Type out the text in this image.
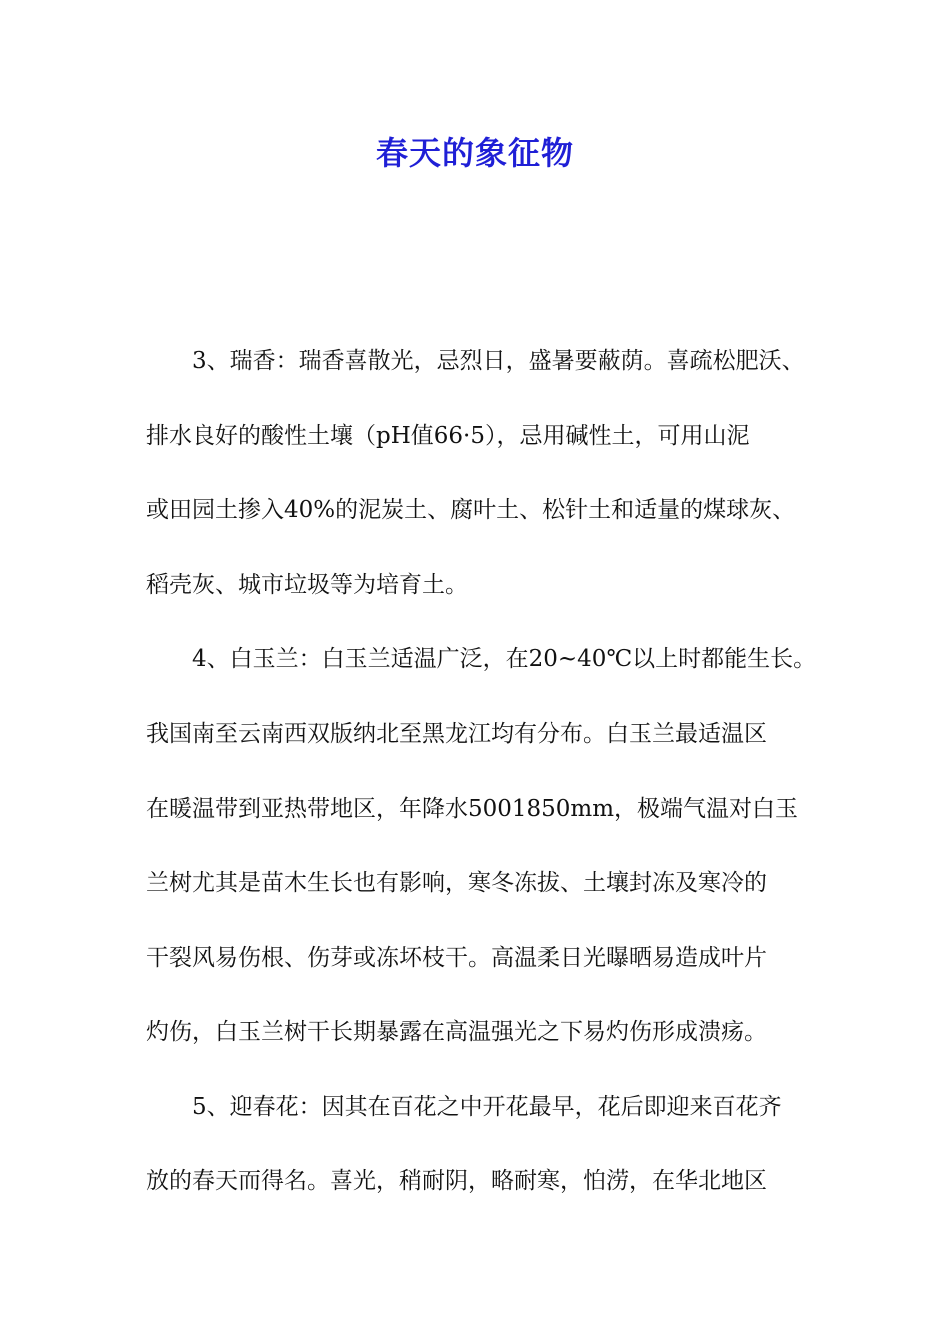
春天的象征物
3、瑞香：瑞香喜散光，忌烈日，盛暑要蔽荫。喜疏松肥沃、
排水良好的酸性土壤（pH值66·5），忌用碱性土，可用山泥
或田园土掺入40%的泥炭土、腐叶土、松针土和适量的煤球灰、
稻壳灰、城市垃圾等为培育土。
4、白玉兰：白玉兰适温广泛，在20~40℃以上时都能生长。
我国南至云南西双版纳北至黑龙江均有分布。白玉兰最适温区
在暖温带到亚热带地区，年降水5001850mm，极端气温对白玉
兰树尤其是苗木生长也有影响，寒冬冻拔、土壤封冻及寒冷的
干裂风易伤根、伤芽或冻坏枝干。高温柔日光曝晒易造成叶片
灼伤，白玉兰树干长期暴露在高温强光之下易灼伤形成溃疡。
5、迎春花：因其在百花之中开花最早，花后即迎来百花齐
放的春天而得名。喜光，稍耐阴，略耐寒，怕涝，在华北地区
